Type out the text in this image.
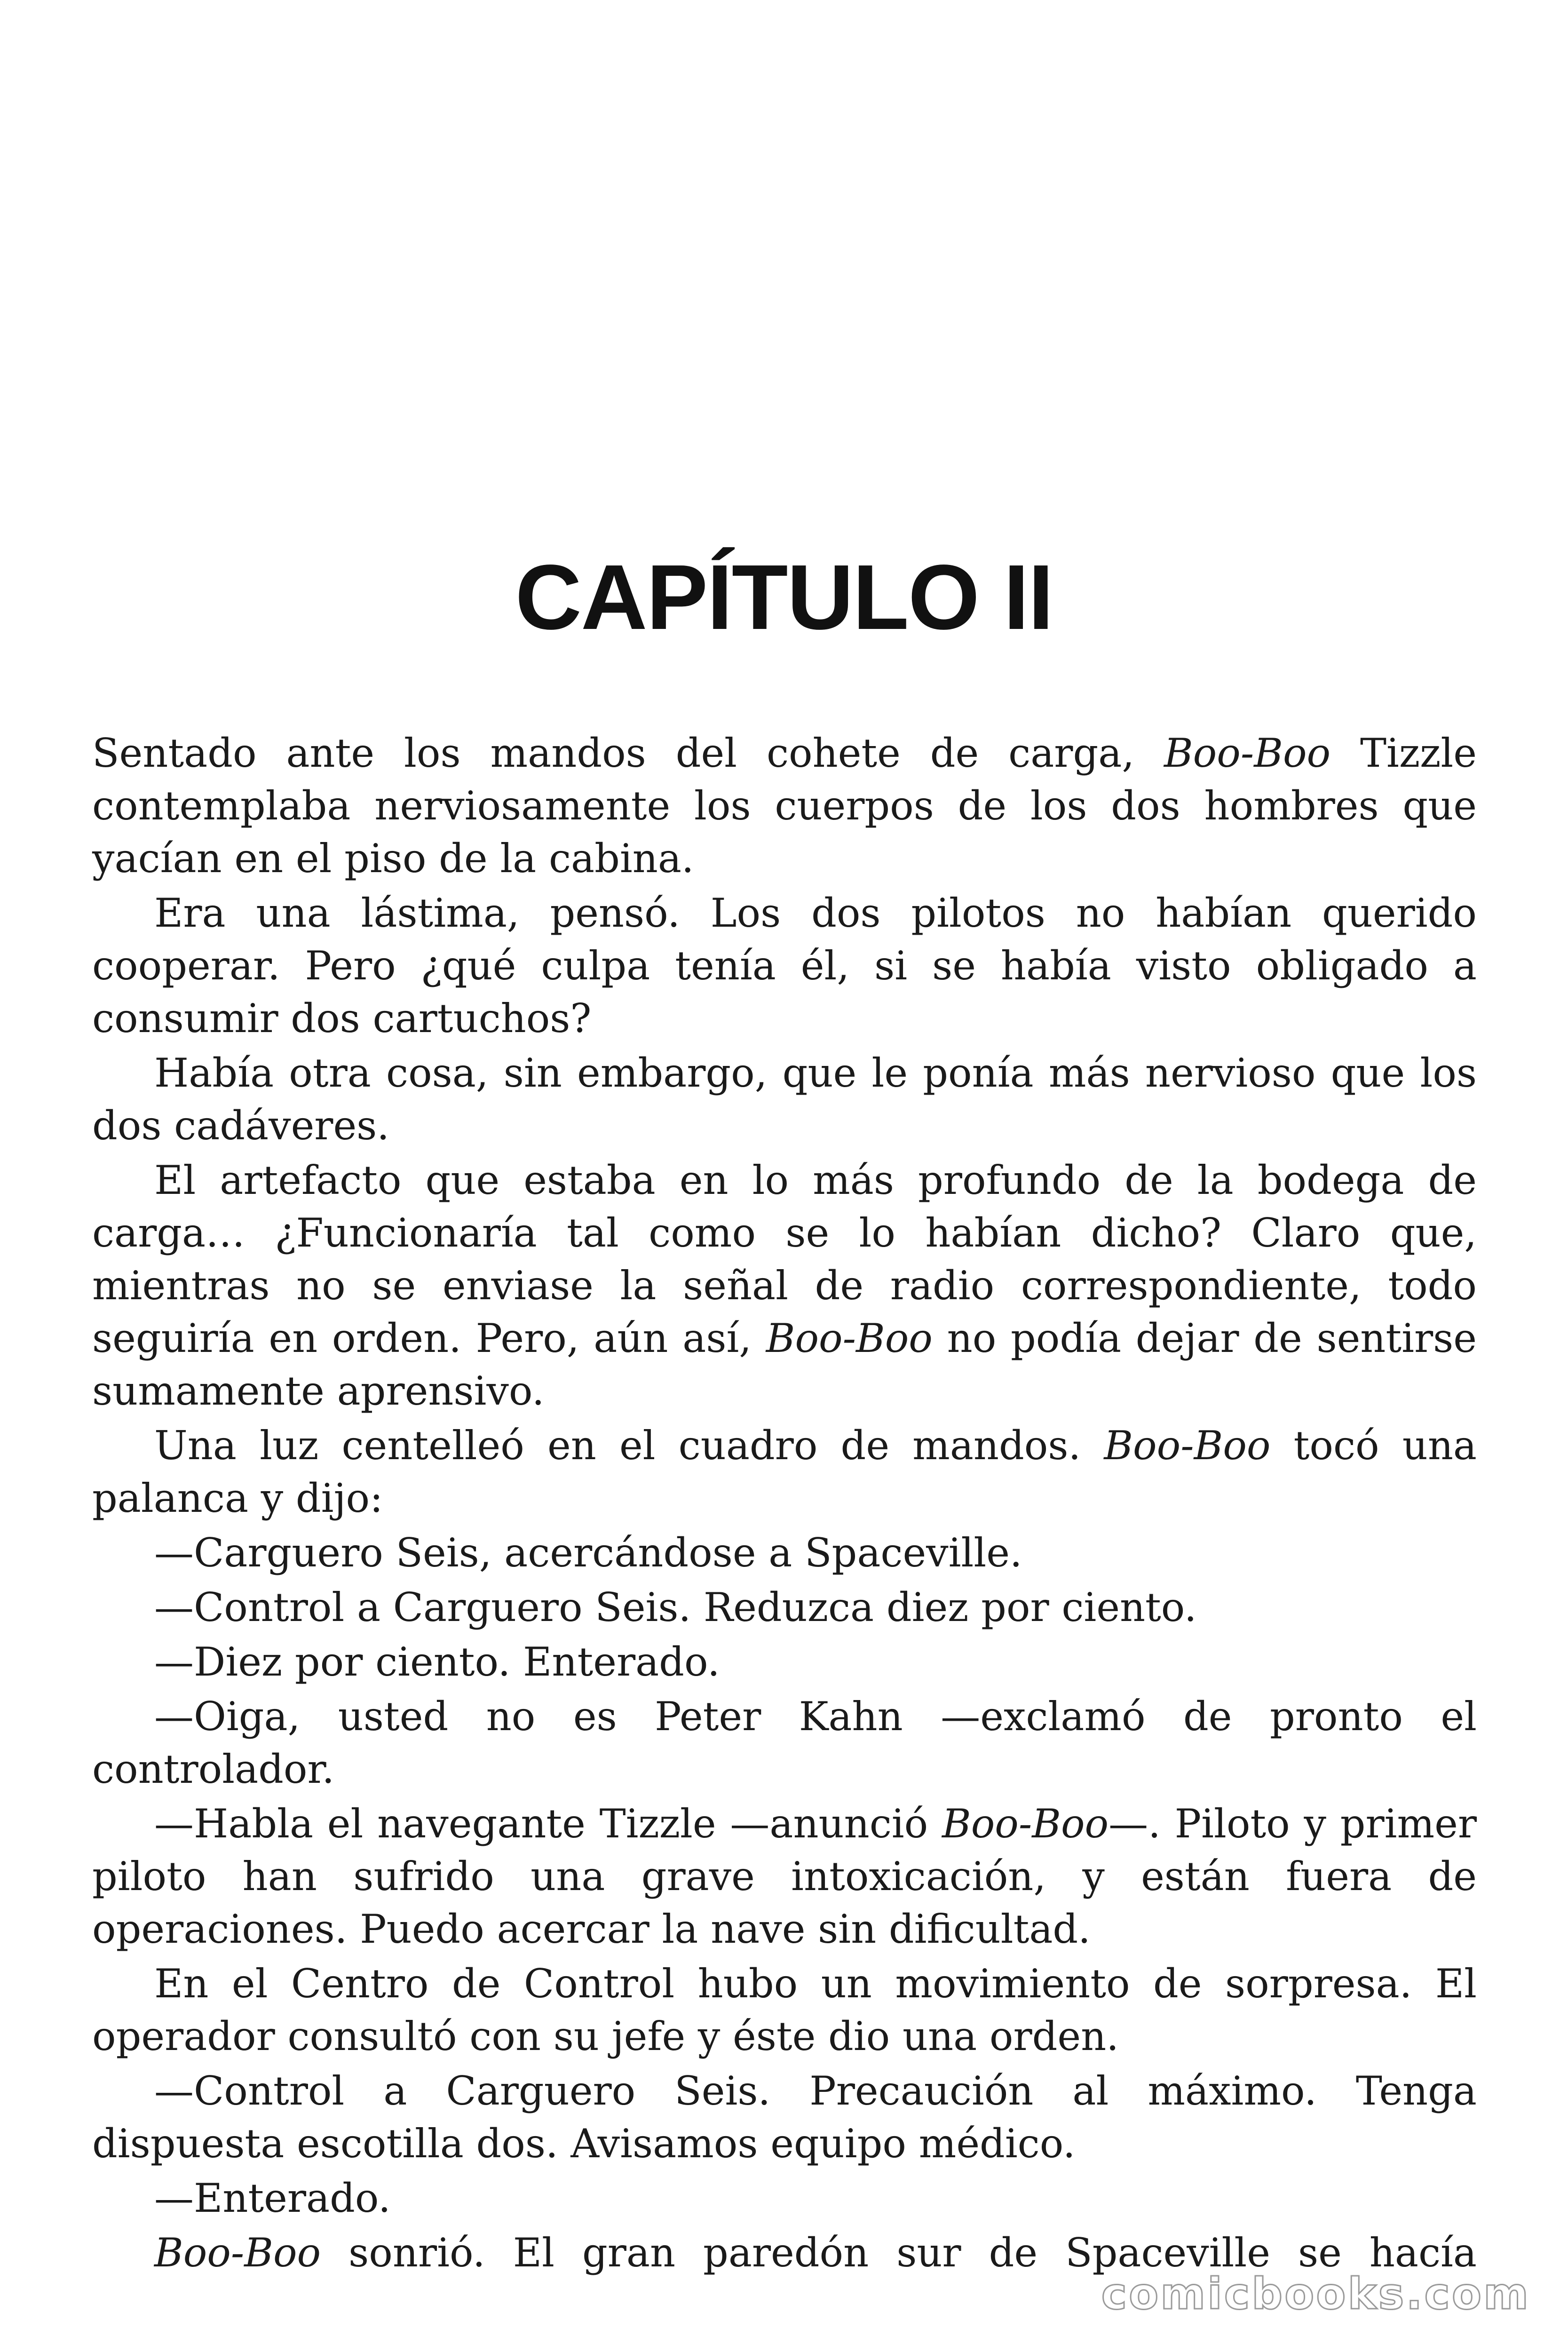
CAPÍTULO II

Sentado ante los mandos del cohete de carga, Boo-Boo Tizzle contemplaba nerviosamente los cuerpos de los dos hombres que yacían en el piso de la cabina.

Era una lástima, pensó. Los dos pilotos no habían querido cooperar. Pero ¿qué culpa tenía él, si se había visto obligado a consumir dos cartuchos?

Había otra cosa, sin embargo, que le ponía más nervioso que los dos cadáveres.

El artefacto que estaba en lo más profundo de la bodega de carga… ¿Funcionaría tal como se lo habían dicho? Claro que, mientras no se enviase la señal de radio correspondiente, todo seguiría en orden. Pero, aún así, Boo-Boo no podía dejar de sentirse sumamente aprensivo.

Una luz centelleó en el cuadro de mandos. Boo-Boo tocó una palanca y dijo:

—Carguero Seis, acercándose a Spaceville.

—Control a Carguero Seis. Reduzca diez por ciento.

—Diez por ciento. Enterado.

—Oiga, usted no es Peter Kahn —exclamó de pronto el controlador.

—Habla el navegante Tizzle —anunció Boo-Boo—. Piloto y primer piloto han sufrido una grave intoxicación, y están fuera de operaciones. Puedo acercar la nave sin dificultad.

En el Centro de Control hubo un movimiento de sorpresa. El operador consultó con su jefe y éste dio una orden.

—Control a Carguero Seis. Precaución al máximo. Tenga dispuesta escotilla dos. Avisamos equipo médico.

—Enterado.

Boo-Boo sonrió. El gran paredón sur de Spaceville se hacía

comicbooks.com
